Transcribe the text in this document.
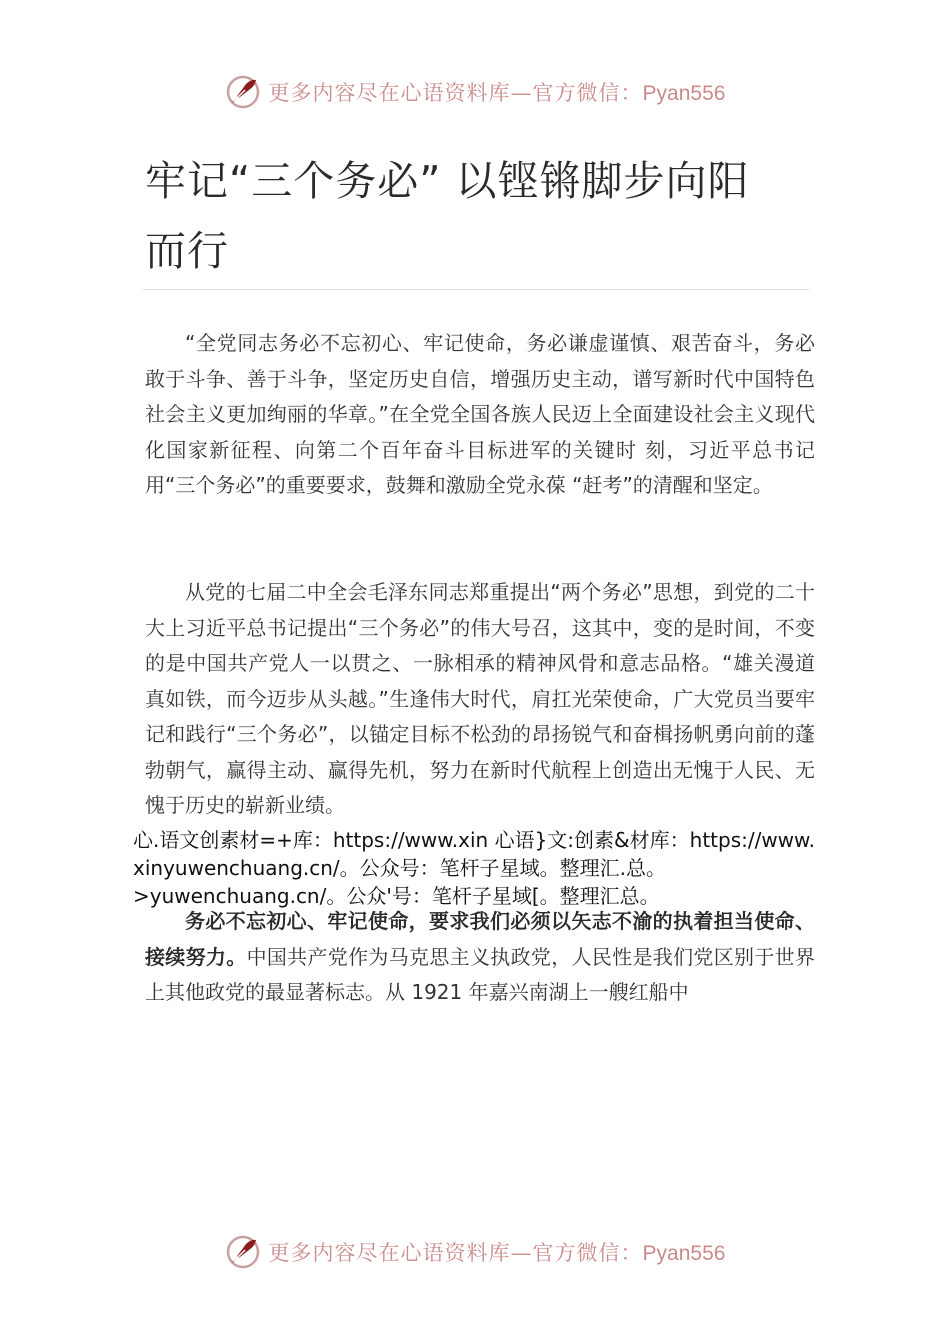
更多内容尽在心语资料库—官方微信：Pyan556
牢记“三个务必” 以铿锵脚步向阳而行

“全党同志务必不忘初心、牢记使命，务必谦虚谨慎、艰苦奋斗，务必敢于斗争、善于斗争，坚定历史自信，增强历史主动，谱写新时代中国特色社会主义更加绚丽的华章。”在全党全国各族人民迈上全面建设社会主义现代化国家新征程、向第二个百年奋斗目标进军的关键时 刻，习近平总书记用“三个务必”的重要要求，鼓舞和激励全党永葆 “赶考”的清醒和坚定。

从党的七届二中全会毛泽东同志郑重提出“两个务必”思想，到党的二十大上习近平总书记提出“三个务必”的伟大号召，这其中，变的是时间，不变的是中国共产党人一以贯之、一脉相承的精神风骨和意志品格。“雄关漫道真如铁，而今迈步从头越。”生逢伟大时代，肩扛光荣使命，广大党员当要牢记和践行“三个务必”，以锚定目标不松劲的昂扬锐气和奋楫扬帆勇向前的蓬勃朝气，赢得主动、赢得先机，努力在新时代航程上创造出无愧于人民、无愧于历史的崭新业绩。

心.语文创素材=+库：https://www.xin 心语}文:创素&材库：https://www.xinyuwenchuang.cn/。公众号：笔杆子星域。整理汇.总。
>yuwenchuang.cn/。公众'号：笔杆子星域[。整理汇总。

务必不忘初心、牢记使命，要求我们必须以矢志不渝的执着担当使命、接续努力。中国共产党作为马克思主义执政党，人民性是我们党区别于世界上其他政党的最显著标志。从 1921 年嘉兴南湖上一艘红船中

更多内容尽在心语资料库—官方微信：Pyan556
